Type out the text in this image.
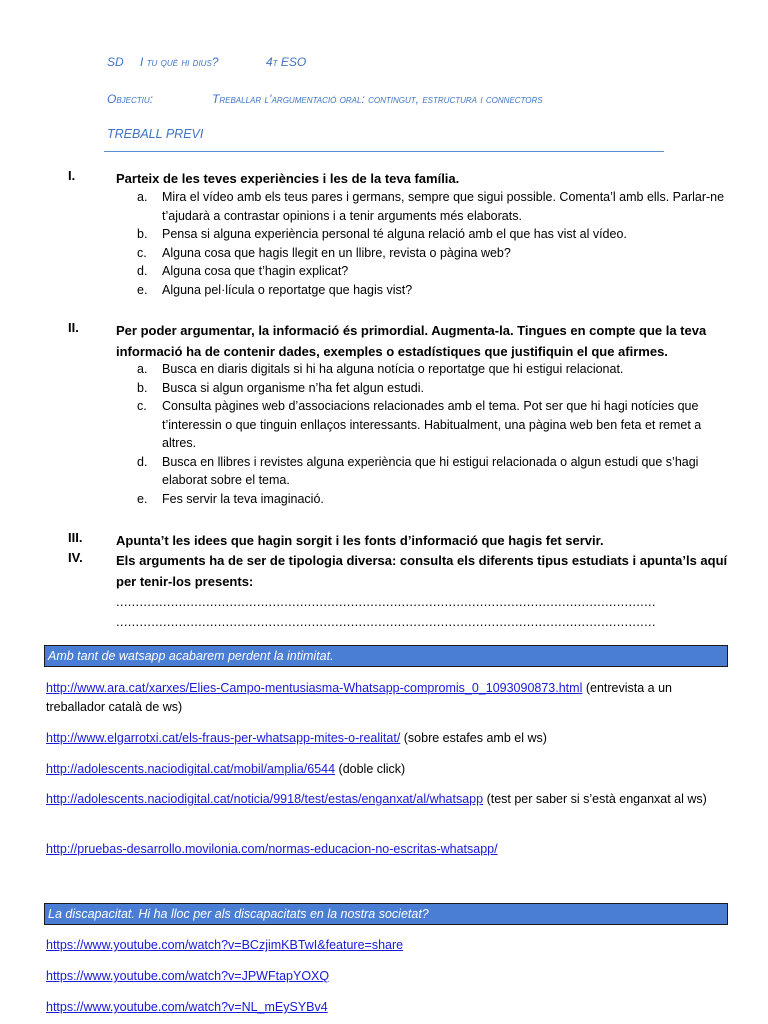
SD I tu què hi dius?	4t ESO
Objectiu:	Treballar l’argumentació oral: contingut, estructura i connectors
TREBALL PREVI
I.	Parteix de les teves experiències i les de la teva família.
a. Mira el vídeo amb els teus pares i germans, sempre que sigui possible. Comenta’l amb ells. Parlar-ne t’ajudarà a contrastar opinions i a tenir arguments més elaborats.
b. Pensa si alguna experiència personal té alguna relació amb el que has vist al vídeo.
c. Alguna cosa que hagis llegit en un llibre, revista o pàgina web?
d. Alguna cosa que t’hagin explicat?
e. Alguna pel·lícula o reportatge que hagis vist?
II.	Per poder argumentar, la informació és primordial. Augmenta-la. Tingues en compte que la teva informació ha de contenir dades, exemples o estadístiques que justifiquin el que afirmes.
a. Busca en diaris digitals si hi ha alguna notícia o reportatge que hi estigui relacionat.
b. Busca si algun organisme n’ha fet algun estudi.
c. Consulta pàgines web d’associacions relacionades amb el tema. Pot ser que hi hagi notícies que t’interessin o que tinguin enllaços interessants. Habitualment, una pàgina web ben feta et remet a altres.
d. Busca en llibres i revistes alguna experiència que hi estigui relacionada o algun estudi que s’hagi elaborat sobre el tema.
e. Fes servir la teva imaginació.
III.	Apunta’t les idees que hagin sorgit i les fonts d’informació que hagis fet servir.
IV.	Els arguments ha de ser de tipologia diversa: consulta els diferents tipus estudiats i apunta’ls aquí per tenir-los presents:
..........................................................................................................................................
..........................................................................................................................................
Amb tant de watsapp acabarem perdent la intimitat.
http://www.ara.cat/xarxes/Elies-Campo-mentusiasma-Whatsapp-compromis_0_1093090873.html (entrevista a un treballador català de ws)
http://www.elgarrotxi.cat/els-fraus-per-whatsapp-mites-o-realitat/ (sobre estafes amb el ws)
http://adolescents.naciodigital.cat/mobil/amplia/6544 (doble click)
http://adolescents.naciodigital.cat/noticia/9918/test/estas/enganxat/al/whatsapp (test per saber si s’està enganxat al ws)
http://pruebas-desarrollo.movilonia.com/normas-educacion-no-escritas-whatsapp/
La discapacitat. Hi ha lloc per als discapacitats en la nostra societat?
https://www.youtube.com/watch?v=BCzjimKBTwI&feature=share
https://www.youtube.com/watch?v=JPWFtapYOXQ
https://www.youtube.com/watch?v=NL_mEySYBv4
